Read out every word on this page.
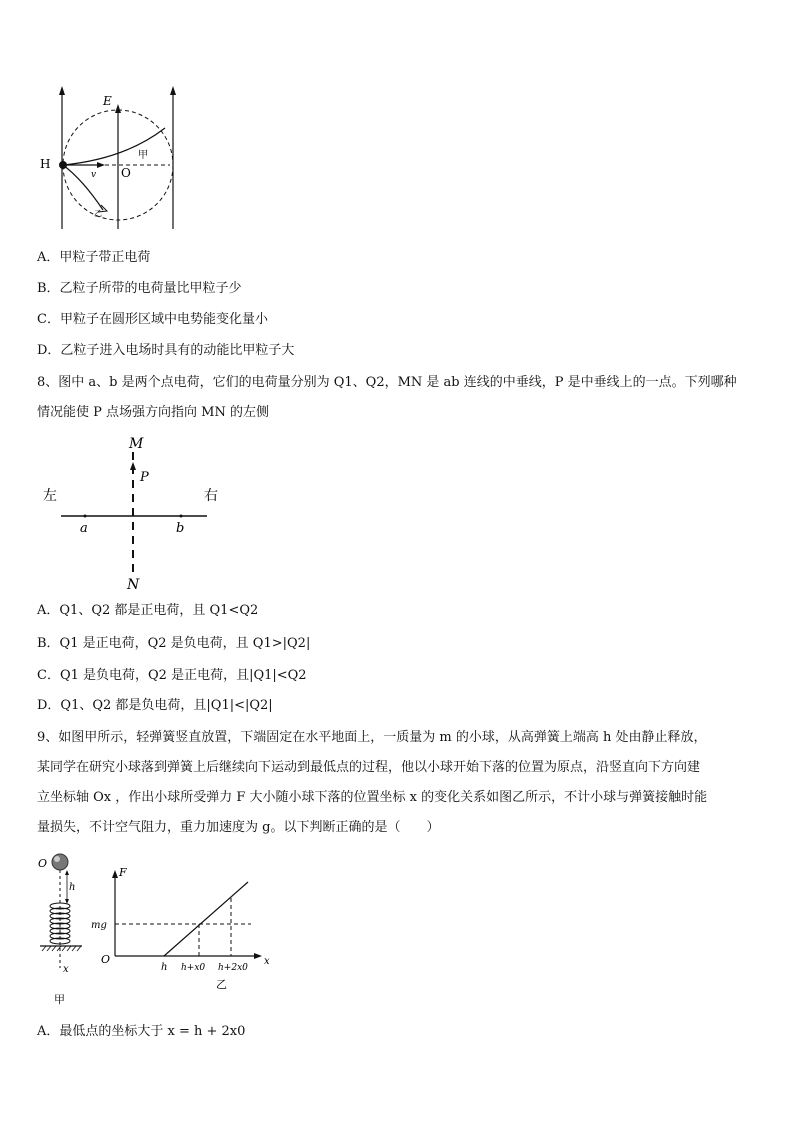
E
H
v O
甲
乙
A．甲粒子带正电荷
B．乙粒子所带的电荷量比甲粒子少
C．甲粒子在圆形区域中电势能变化量小
D．乙粒子进入电场时具有的动能比甲粒子大
8、图中 a、b 是两个点电荷，它们的电荷量分别为 Q1、Q2，MN 是 ab 连线的中垂线，P 是中垂线上的一点。下列哪种
情况能使 P 点场强方向指向 MN 的左侧
M
P
左	右
a	b
N
A．Q1、Q2 都是正电荷，且 Q1<Q2
B．Q1 是正电荷，Q2 是负电荷，且 Q1>|Q2|
C．Q1 是负电荷，Q2 是正电荷，且|Q1|<Q2
D．Q1、Q2 都是负电荷，且|Q1|<|Q2|
9、如图甲所示，轻弹簧竖直放置，下端固定在水平地面上，一质量为 m 的小球，从高弹簧上端高 h 处由静止释放，
某同学在研究小球落到弹簧上后继续向下运动到最低点的过程，他以小球开始下落的位置为原点，沿竖直向下方向建
立坐标轴 Ox ，作出小球所受弹力 F 大小随小球下落的位置坐标 x 的变化关系如图乙所示，不计小球与弹簧接触时能
量损失，不计空气阻力，重力加速度为 g。以下判断正确的是（　　）
O
h
x
甲
F
mg
O
h h+x0 h+2x0
x
乙
A．最低点的坐标大于 x = h + 2x0
